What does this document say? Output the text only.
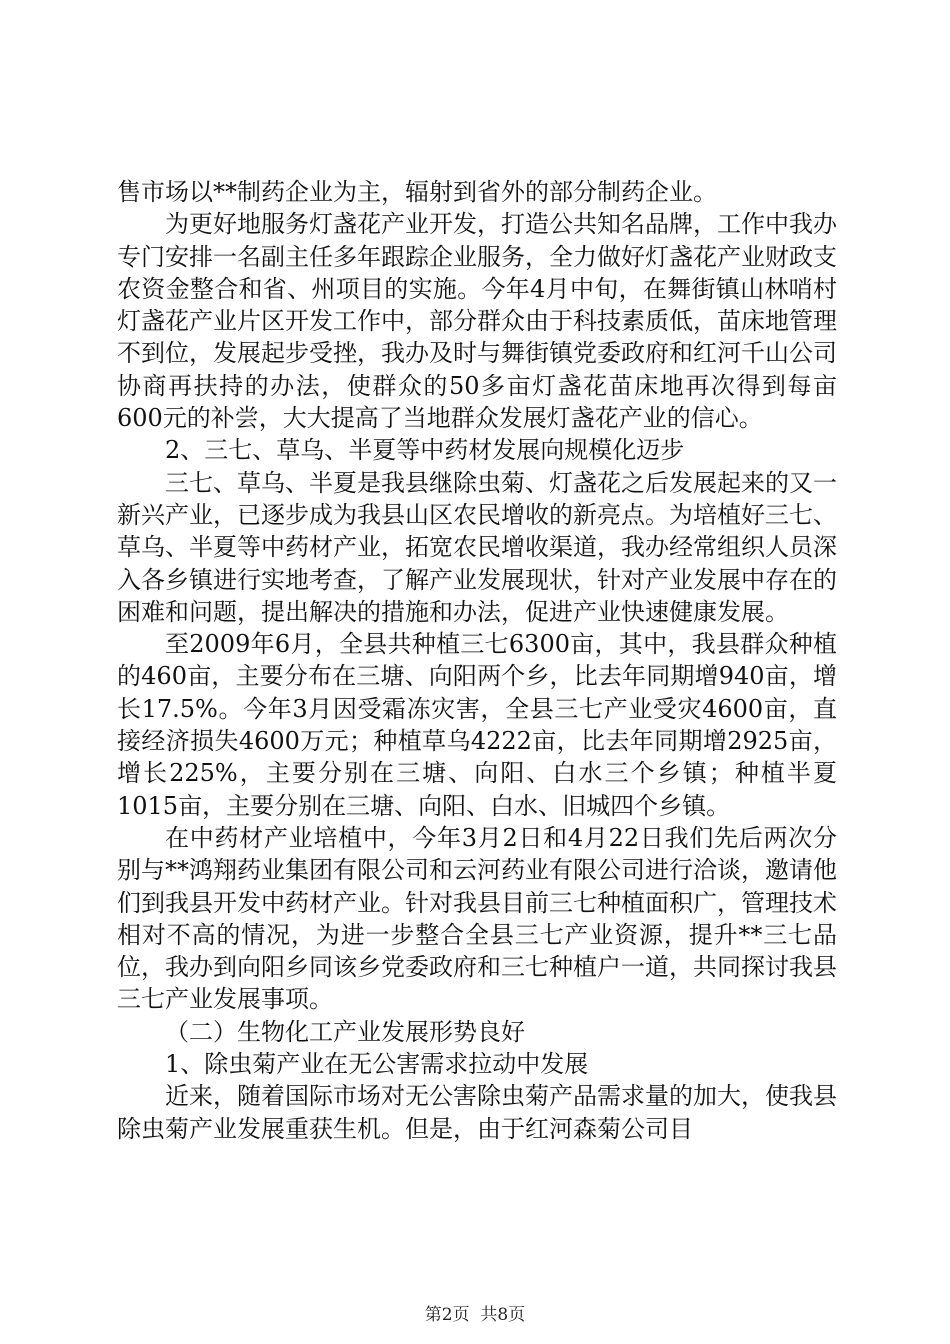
售市场以**制药企业为主，辐射到省外的部分制药企业。

为更好地服务灯盏花产业开发，打造公共知名品牌，工作中我办专门安排一名副主任多年跟踪企业服务，全力做好灯盏花产业财政支农资金整合和省、州项目的实施。今年4月中旬，在舞街镇山林哨村灯盏花产业片区开发工作中，部分群众由于科技素质低，苗床地管理不到位，发展起步受挫，我办及时与舞街镇党委政府和红河千山公司协商再扶持的办法，使群众的50多亩灯盏花苗床地再次得到每亩600元的补尝，大大提高了当地群众发展灯盏花产业的信心。

2、三七、草乌、半夏等中药材发展向规模化迈步

三七、草乌、半夏是我县继除虫菊、灯盏花之后发展起来的又一新兴产业，已逐步成为我县山区农民增收的新亮点。为培植好三七、草乌、半夏等中药材产业，拓宽农民增收渠道，我办经常组织人员深入各乡镇进行实地考查，了解产业发展现状，针对产业发展中存在的困难和问题，提出解决的措施和办法，促进产业快速健康发展。

至2009年6月，全县共种植三七6300亩，其中，我县群众种植的460亩，主要分布在三塘、向阳两个乡，比去年同期增940亩，增长17.5%。今年3月因受霜冻灾害，全县三七产业受灾4600亩，直接经济损失4600万元；种植草乌4222亩，比去年同期增2925亩，增长225%，主要分别在三塘、向阳、白水三个乡镇；种植半夏1015亩，主要分别在三塘、向阳、白水、旧城四个乡镇。

在中药材产业培植中，今年3月2日和4月22日我们先后两次分别与**鸿翔药业集团有限公司和云河药业有限公司进行洽谈，邀请他们到我县开发中药材产业。针对我县目前三七种植面积广，管理技术相对不高的情况，为进一步整合全县三七产业资源，提升**三七品位，我办到向阳乡同该乡党委政府和三七种植户一道，共同探讨我县三七产业发展事项。

（二）生物化工产业发展形势良好

1、除虫菊产业在无公害需求拉动中发展

近来，随着国际市场对无公害除虫菊产品需求量的加大，使我县除虫菊产业发展重获生机。但是，由于红河森菊公司目

第2页  共8页
